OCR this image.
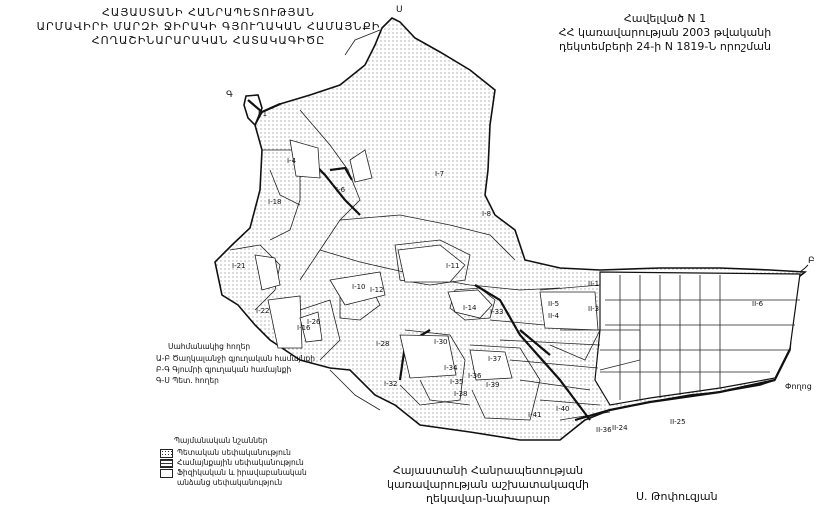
ՀԱՅԱՍՏԱՆԻ ՀԱՆՐԱՊԵՏՈՒԹՅԱՆ
ԱՐՄԱՎԻՐԻ ՄԱՐԶԻ ՋԻՐԱԿԻ ԳՅՈՒՂԱԿԱՆ ՀԱՄԱՅՆՔԻ
ՀՈՂԱՇԻՆԱՐԱՐԱԿԱՆ ՀԱՏԱԿԱԳԻԾԸ
Հավելված N 1
ՀՀ կառավարության 2003 թվականի
դեկտեմբերի 24-ի N 1819-Ն որոշման
Ս
Գ
Բ
Փողոց
I-1
I-4
I-6
I-7
I-8
I-10
I-11
I-12
I-14
I-16
I-18
I-21
I-22
I-26
I-28	I-30
I-32
I-33
I-34
I-35
I-36
I-37
I-38
I-39
I-40
I-41
II-1
II-3
II-4
II-5	II-6
II-24
II-25
II-36
Սահմանակից հողեր
Ա-Բ Ծաղկալանջի գյուղական համայնքի
Բ-Գ Գյումրի գյուղական համայնքի
Գ-Ս Պետ. հողեր
Պայմանական նշաններ
Պետական սեփականություն
Համայնքային սեփականություն
Ֆիզիկական և իրավաբանական
անձանց սեփականություն
Հայաստանի Հանրապետության
կառավարության աշխատակազմի
ղեկավար-նախարար	Ս. Թոփուզյան
